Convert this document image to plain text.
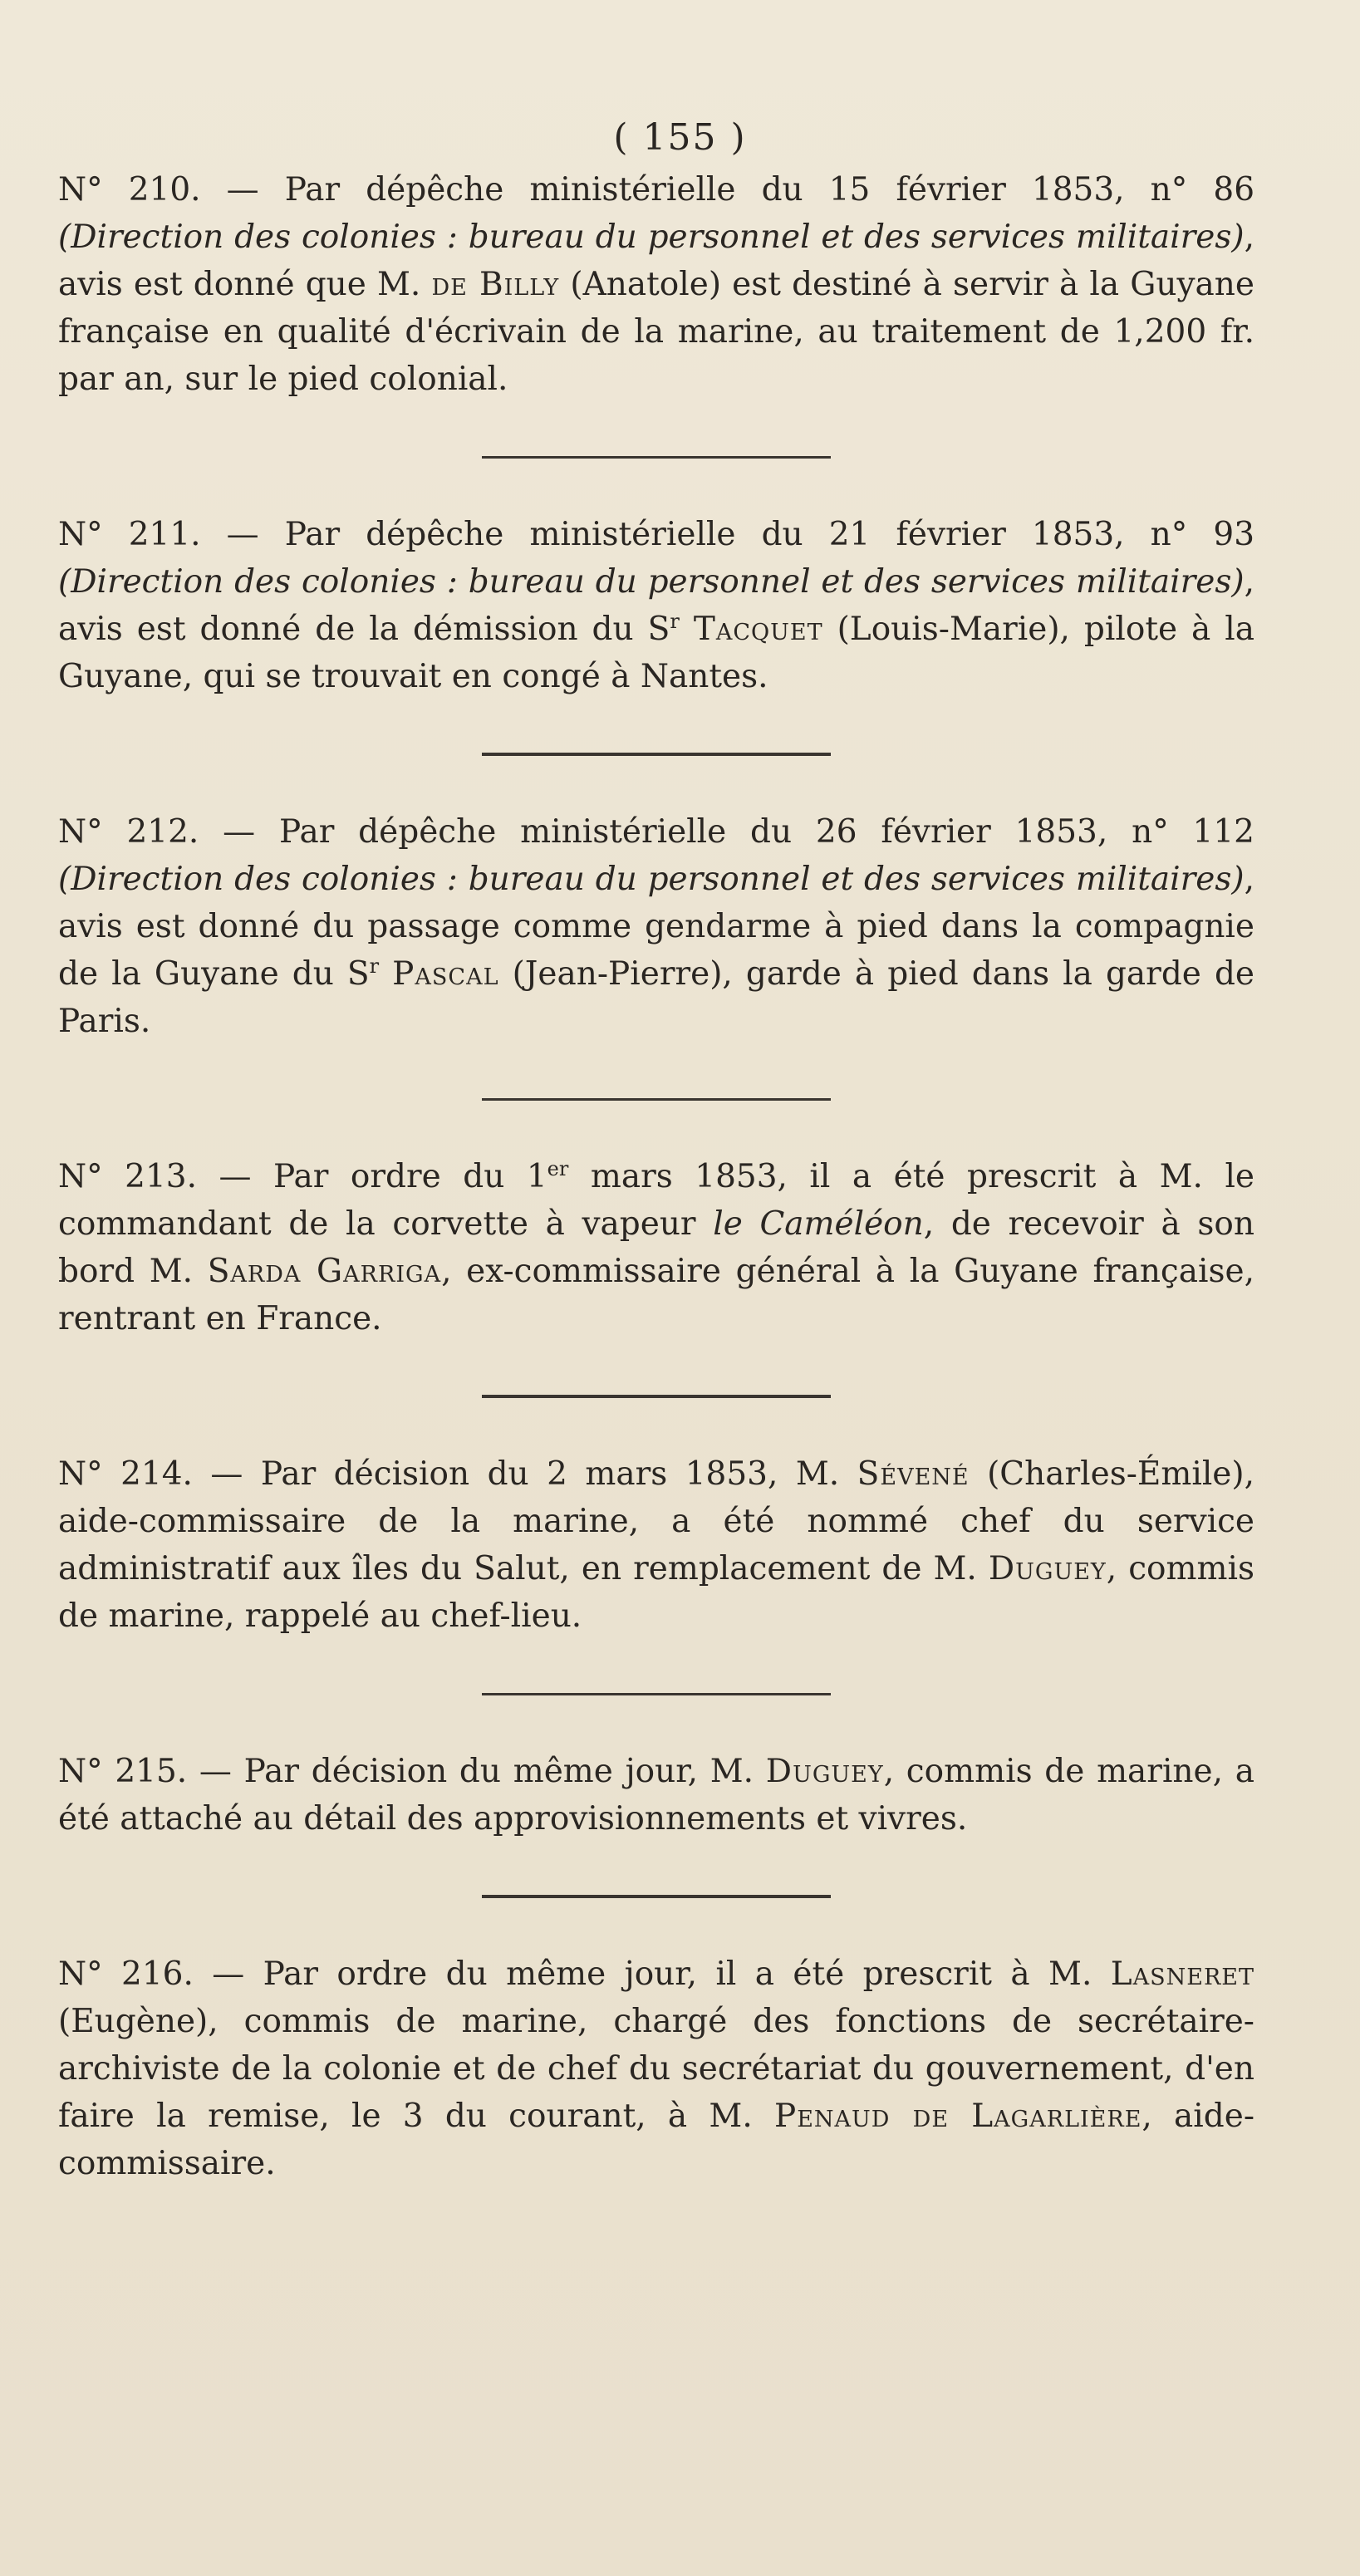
( 155 )

N° 210. — Par dépêche ministérielle du 15 février 1853, n° 86 (Direction des colonies : bureau du personnel et des services militaires), avis est donné que M. de Billy (Anatole) est destiné à servir à la Guyane française en qualité d'écrivain de la marine, au traitement de 1,200 fr. par an, sur le pied colonial.

N° 211. — Par dépêche ministérielle du 21 février 1853, n° 93 (Direction des colonies : bureau du personnel et des services militaires), avis est donné de la démission du $S^r$ Tacquet (Louis-Marie), pilote à la Guyane, qui se trouvait en congé à Nantes.

N° 212. — Par dépêche ministérielle du 26 février 1853, n° 112 (Direction des colonies : bureau du personnel et des services militaires), avis est donné du passage comme gendarme à pied dans la compagnie de la Guyane du $S^r$ Pascal (Jean-Pierre), garde à pied dans la garde de Paris.

N° 213. — Par ordre du 1er mars 1853, il a été prescrit à M. le commandant de la corvette à vapeur le Caméléon, de recevoir à son bord M. Sarda Garriga, ex-commissaire général à la Guyane française, rentrant en France.

N° 214. — Par décision du 2 mars 1853, M. Sévené (Charles-Émile), aide-commissaire de la marine, a été nommé chef du service administratif aux îles du Salut, en remplacement de M. Duguey, commis de marine, rappelé au chef-lieu.

N° 215. — Par décision du même jour, M. Duguey, commis de marine, a été attaché au détail des approvisionnements et vivres.

N° 216. — Par ordre du même jour, il a été prescrit à M. Lasneret (Eugène), commis de marine, chargé des fonctions de secrétaire-archiviste de la colonie et de chef du secrétariat du gouvernement, d'en faire la remise, le 3 du courant, à M. Penaud de Lagarlière, aide-commissaire.
